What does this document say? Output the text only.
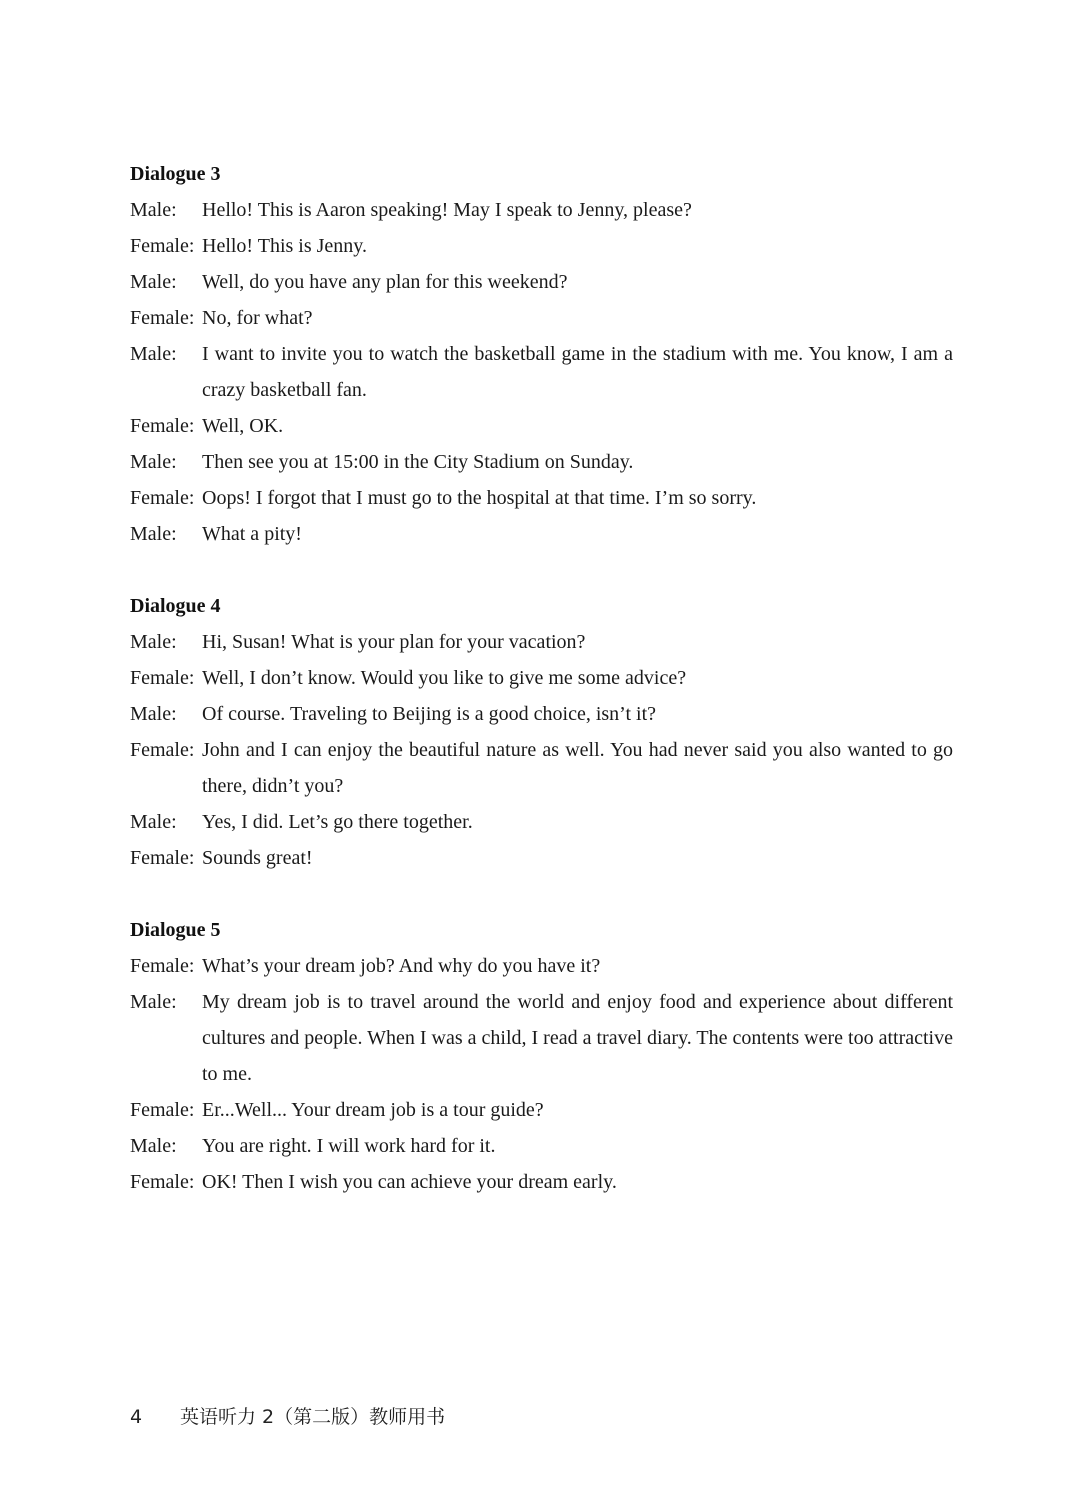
Dialogue 3
Male:	Hello! This is Aaron speaking! May I speak to Jenny, please?
Female: Hello! This is Jenny.
Male:	Well, do you have any plan for this weekend?
Female: No, for what?
Male:	I want to invite you to watch the basketball game in the stadium with me. You know, I am a crazy basketball fan.
Female: Well, OK.
Male:	Then see you at 15:00 in the City Stadium on Sunday.
Female: Oops! I forgot that I must go to the hospital at that time. I’m so sorry.
Male:	What a pity!
Dialogue 4
Male:	Hi, Susan! What is your plan for your vacation?
Female: Well, I don’t know. Would you like to give me some advice?
Male:	Of course. Traveling to Beijing is a good choice, isn’t it?
Female: John and I can enjoy the beautiful nature as well. You had never said you also wanted to go there, didn’t you?
Male:	Yes, I did. Let’s go there together.
Female: Sounds great!
Dialogue 5
Female: What’s your dream job? And why do you have it?
Male:	My dream job is to travel around the world and enjoy food and experience about different cultures and people. When I was a child, I read a travel diary. The contents were too attractive to me.
Female: Er...Well... Your dream job is a tour guide?
Male:	You are right. I will work hard for it.
Female: OK! Then I wish you can achieve your dream early.
4 英语听力 2（第二版）教师用书
